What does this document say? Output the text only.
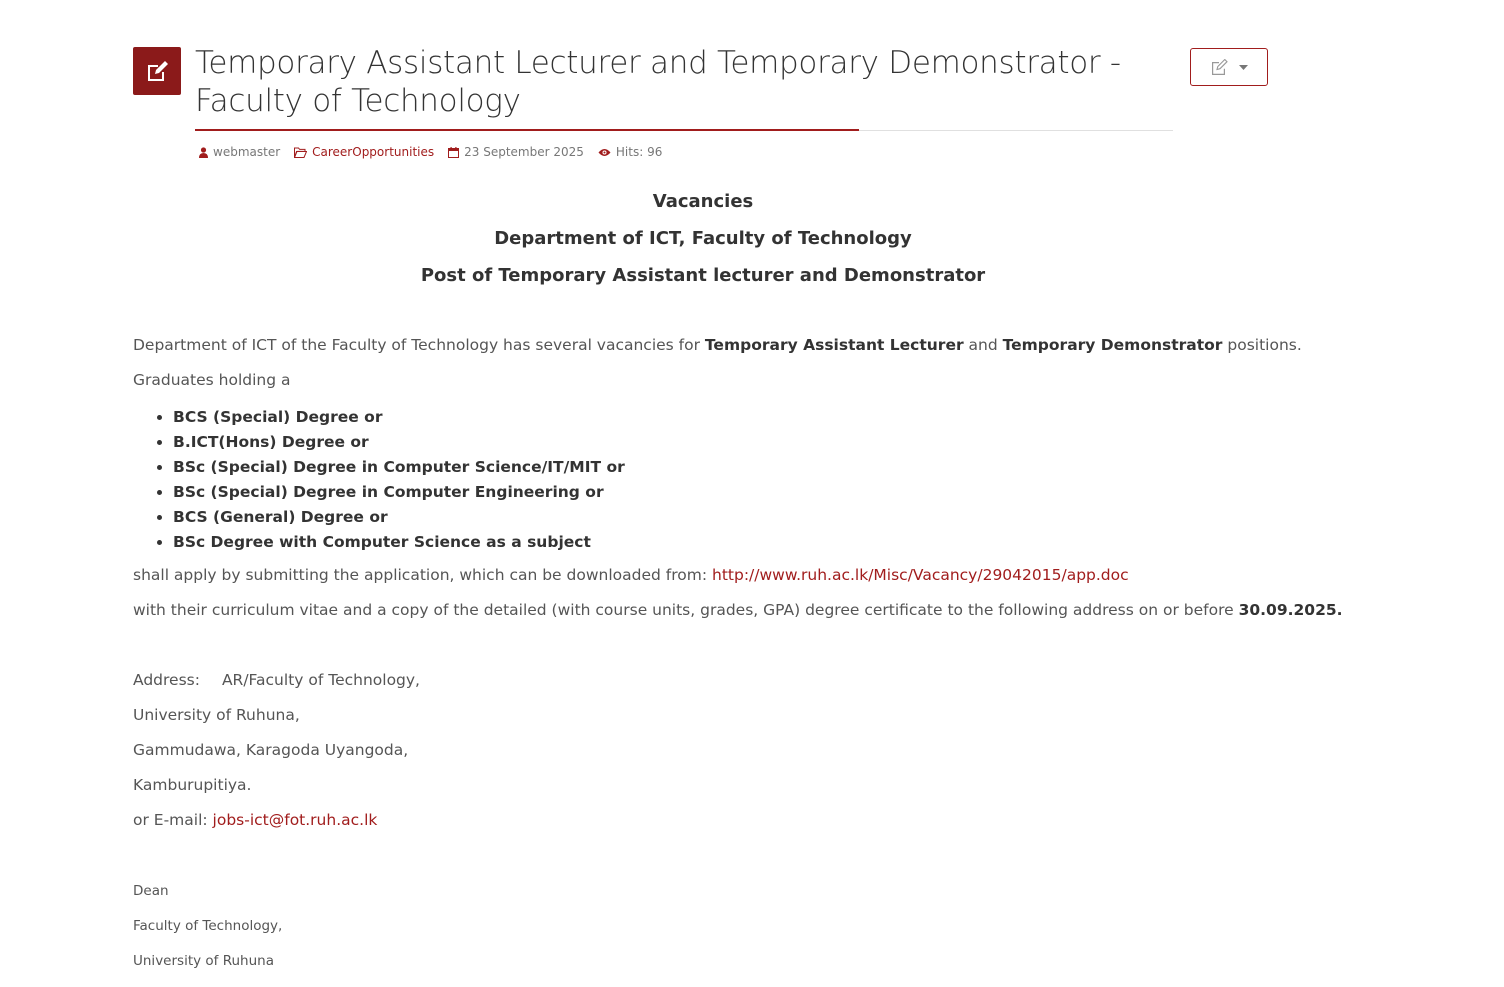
Temporary Assistant Lecturer and Temporary Demonstrator - Faculty of Technology
webmaster	CareerOpportunities	23 September 2025	Hits: 96
Vacancies
Department of ICT, Faculty of Technology
Post of Temporary Assistant lecturer and Demonstrator
Department of ICT of the Faculty of Technology has several vacancies for Temporary Assistant Lecturer and Temporary Demonstrator positions.
Graduates holding a
• BCS (Special) Degree or
• B.ICT(Hons) Degree or
• BSc (Special) Degree in Computer Science/IT/MIT or
• BSc (Special) Degree in Computer Engineering or
• BCS (General) Degree or
• BSc Degree with Computer Science as a subject
shall apply by submitting the application, which can be downloaded from: http://www.ruh.ac.lk/Misc/Vacancy/29042015/app.doc
with their curriculum vitae and a copy of the detailed (with course units, grades, GPA) degree certificate to the following address on or before 30.09.2025.
Address: AR/Faculty of Technology,
University of Ruhuna,
Gammudawa, Karagoda Uyangoda,
Kamburupitiya.
or E-mail: jobs-ict@fot.ruh.ac.lk
Dean
Faculty of Technology,
University of Ruhuna
